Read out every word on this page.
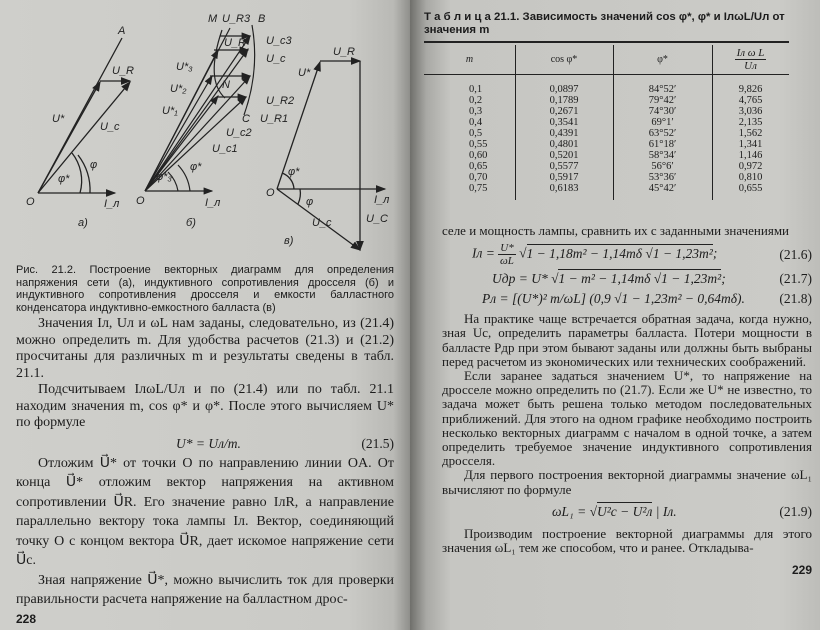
A
U_R
U*
U_c
φ*
φ
O	I_л
а)
M U_R3 B
U_R U_c3
U_c
U*₃
U*₂
U*₁
N
U_R2
C U_R1
U_c2
U_c1
φ*₃
φ*
O	I_л
б)
U*
U_R
φ*
φ
O
I_л
U_c	U_C
в)
Рис. 21.2. Построение векторных диаграмм для определения напряжения сети (а), индуктивного сопротивления дросселя (б) и индуктивного сопротивления дросселя и емкости балластного конденсатора индуктивно-емкостного балласта (в)

Значения Iл, Uл и ωL нам заданы, следовательно, из (21.4) можно определить m. Для удобства расчетов (21.3) и (21.2) просчитаны для различных m и результаты сведены в табл. 21.1.

Подсчитываем IлωL/Uл и по (21.4) или по табл. 21.1 находим значения m, cos φ* и φ*. После этого вычисляем U* по формуле

U* = Uл/m.	(21.5)

Отложим U⃗* от точки O по направлению линии OA. От конца U⃗* отложим вектор напряжения на активном сопротивлении U⃗R. Его значение равно IлR, а направление параллельно вектору тока лампы Iл. Вектор, соединяющий точку O с концом вектора U⃗R, дает искомое напряжение сети U⃗c.

Зная напряжение U⃗*, можно вычислить ток для проверки правильности расчета напряжение на балластном дрос-

228
Т а б л и ц а 21.1. Зависимость значений cos φ*, φ* и IлωL/Uл от значения m
m	cos φ*	φ*	$\frac{\text{Iл ω L}}{Uл}$
0,1	0,0897	84°52′	9,826
0,2	0,1789	79°42′	4,765
0,3	0,2671	74°30′	3,036
0,4	0,3541	69°1′	2,135
0,5	0,4391	63°52′	1,562
0,55	0,4801	61°18′	1,341
0,60	0,5201	58°34′	1,146
0,65	0,5577	56°6′	0,972
0,70	0,5917	53°36′	0,810
0,75	0,6183	45°42′	0,655

селе и мощность лампы, сравнить их с заданными значениями

Iл = $\frac{U*}{\omega L} √1 - 1,18m^2 - 1,14m\delta$ √1 − 1,23m²;	(21.6)
Uдр = U* √1 − m² − 1,14mδ √1 − 1,23m²;	(21.7)
Pл = [(U*)² m/ωL] (0,9 √1 − 1,23m² − 0,64mδ).	(21.8)

На практике чаще встречается обратная задача, когда нужно, зная Uc, определить параметры балласта. Потери мощности в балласте Pдр при этом бывают заданы или должны быть выбраны перед расчетом из экономических или технических соображений.

Если заранее задаться значением U*, то напряжение на дросселе можно определить по (21.7). Если же U* не известно, то задача может быть решена только методом последовательных приближений. Для этого на одном графике необходимо построить несколько векторных диаграмм с началом в одной точке, а затем определить требуемое значение индуктивного сопротивления дросселя.

Для первого построения векторной диаграммы значение ωL₁ вычисляют по формуле

ωL₁ = √U²c − U²л | Iл.	(21.9)

Производим построение векторной диаграммы для этого значения ωL₁ тем же способом, что и ранее. Откладыва-

229
